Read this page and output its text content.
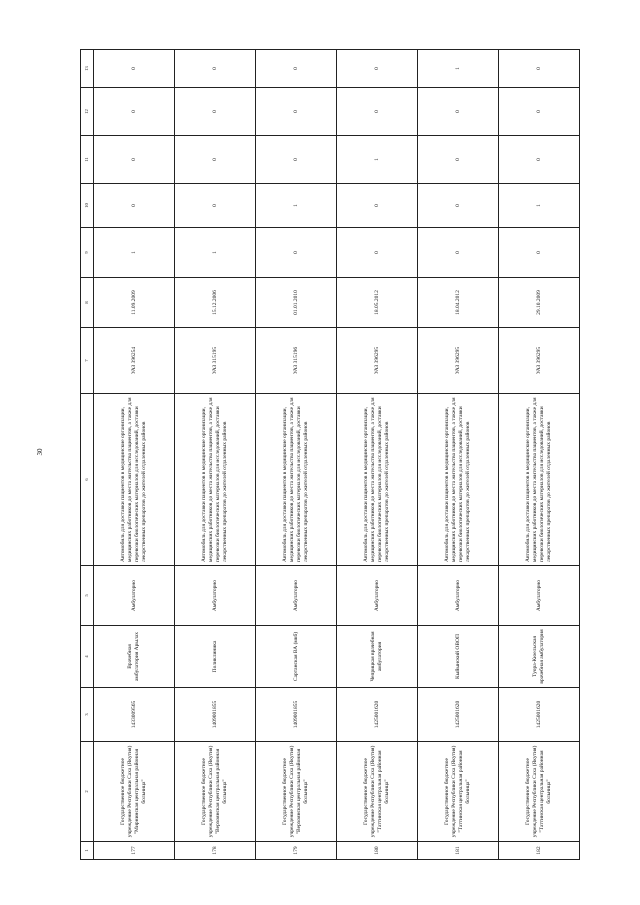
30
1	2	3	4	5	6	7	8	9	10	11	12	13
177	Государственное бюджетное учреждение Республики Саха (Якутия) "Мирнинская центральная районная больница"	1433009565	Врачебная амбулатория Арылах	Амбулаторно	Автомобиль для доставки пациентов в медицинские организации, медицинских работников до места жительства пациентов, а также для перевозки биологических материалов для исследований, доставки лекарственных препаратов до жителей отдаленных районов	УАЗ 396254	11.09.2009	1	0	0	0	0
178	Государственное бюджетное учреждение Республики Саха (Якутия) "Верхоянская центральная районная больница"	1409001855	Поликлиника	Амбулаторно	Автомобиль для доставки пациентов в медицинские организации, медицинских работников до места жительства пациентов, а также для перевозки биологических материалов для исследований, доставки лекарственных препаратов до жителей отдаленных районов	УАЗ 315195	15.12.2006	1	0	0	0	0
179	Государственное бюджетное учреждение Республики Саха (Якутия) "Верхоянская центральная районная больница"	1409001855	Сартанская ВА (мкб)	Амбулаторно	Автомобиль для доставки пациентов в медицинские организации, медицинских работников до места жительства пациентов, а также для перевозки биологических материалов для исследований, доставки лекарственных препаратов до жителей отдаленных районов	УАЗ 315196	01.01.2010	0	1	0	0	0
180	Государственное бюджетное учреждение Республики Саха (Якутия) "Таттинская центральная районная больница"	1425001620	Чеприцкая врачебная амбулатория	Амбулаторно	Автомобиль для доставки пациентов в медицинские организации, медицинских работников до места жительства пациентов, а также для перевозки биологических материалов для исследований, доставки лекарственных препаратов до жителей отдаленных районов	УАЗ 396295	18.05.2012	0	0	1	0	0
181	Государственное бюджетное учреждение Республики Саха (Якутия) "Таттинская центральная районная больница"	1425001620	Кыйынский ОВОП	Амбулаторно	Автомобиль для доставки пациентов в медицинские организации, медицинских работников до места жительства пациентов, а также для перевозки биологических материалов для исследований, доставки лекарственных препаратов до жителей отдаленных районов	УАЗ 396295	18.04.2012	0	0	0	0	1
182	Государственное бюджетное учреждение Республики Саха (Якутия) "Таттинская центральная районная больница"	1425001620	Туора-Кюельская врачебная амбулатория	Амбулаторно	Автомобиль для доставки пациентов в медицинские организации, медицинских работников до места жительства пациентов, а также для перевозки биологических материалов для исследований, доставки лекарственных препаратов до жителей отдаленных районов	УАЗ 396295	29.10.2009	0	1	0	0	0
